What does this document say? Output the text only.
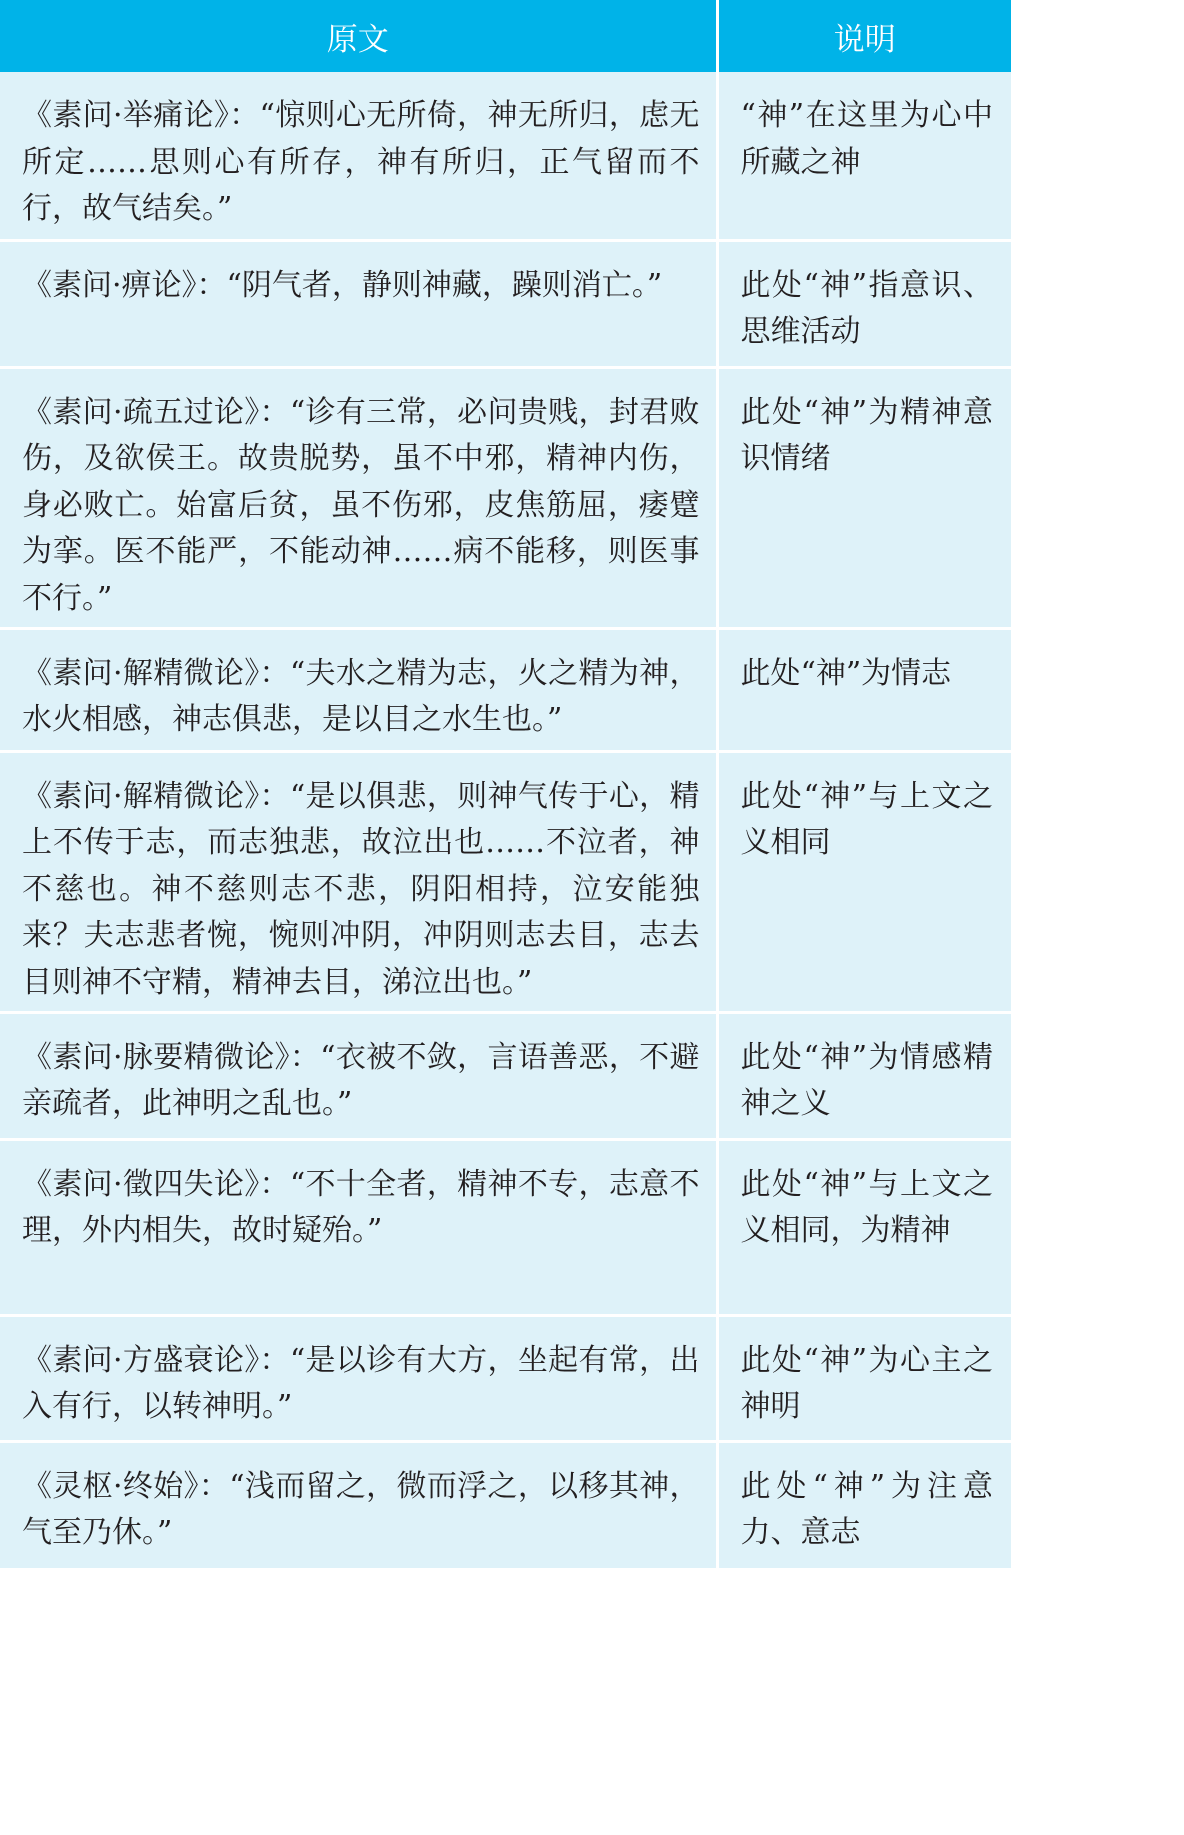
原文	说明
《素问·举痛论》：“惊则心无所倚，神无所归，虑无所定……思则心有所存，神有所归，正气留而不行，故气结矣。”	“神”在这里为心中所藏之神
《素问·痹论》：“阴气者，静则神藏，躁则消亡。”	此处“神”指意识、思维活动
《素问·疏五过论》：“诊有三常，必问贵贱，封君败伤，及欲侯王。故贵脱势，虽不中邪，精神内伤，身必败亡。始富后贫，虽不伤邪，皮焦筋屈，痿躄为挛。医不能严，不能动神……病不能移，则医事不行。”	此处“神”为精神意识情绪
《素问·解精微论》：“夫水之精为志，火之精为神，水火相感，神志俱悲，是以目之水生也。”	此处“神”为情志
《素问·解精微论》：“是以俱悲，则神气传于心，精上不传于志，而志独悲，故泣出也……不泣者，神不慈也。神不慈则志不悲，阴阳相持，泣安能独来？夫志悲者惋，惋则冲阴，冲阴则志去目，志去目则神不守精，精神去目，涕泣出也。”	此处“神”与上文之义相同
《素问·脉要精微论》：“衣被不敛，言语善恶，不避亲疏者，此神明之乱也。”	此处“神”为情感精神之义
《素问·徵四失论》：“不十全者，精神不专，志意不理，外内相失，故时疑殆。”	此处“神”与上文之义相同，为精神
《素问·方盛衰论》：“是以诊有大方，坐起有常，出入有行，以转神明。”	此处“神”为心主之神明
《灵枢·终始》：“浅而留之，微而浮之，以移其神，气至乃休。”	此处“神”为注意力、意志
